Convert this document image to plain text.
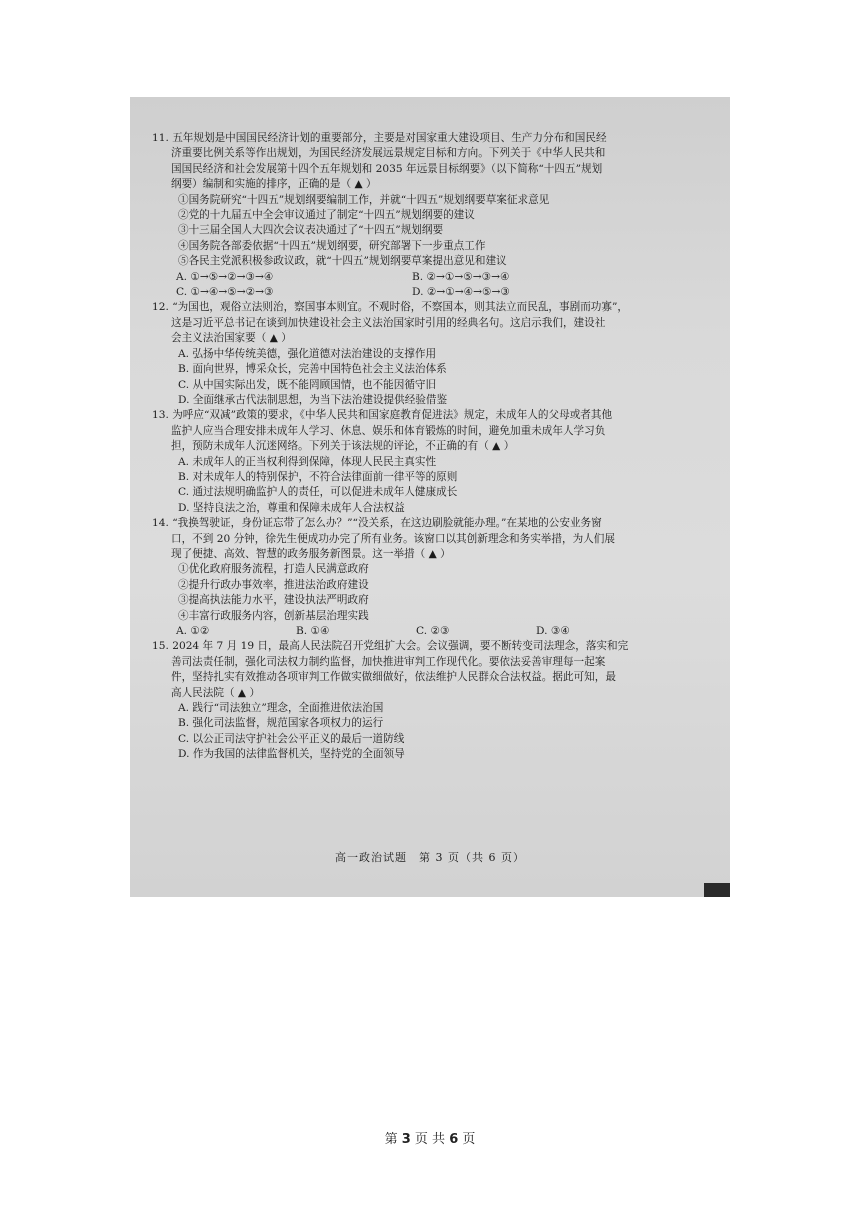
11. 五年规划是中国国民经济计划的重要部分，主要是对国家重大建设项目、生产力分布和国民经
济重要比例关系等作出规划，为国民经济发展远景规定目标和方向。下列关于《中华人民共和
国国民经济和社会发展第十四个五年规划和 2035 年远景目标纲要》（以下简称“十四五”规划
纲要）编制和实施的排序，正确的是（ ▲ ）
①国务院研究“十四五”规划纲要编制工作，并就“十四五”规划纲要草案征求意见
②党的十九届五中全会审议通过了制定“十四五”规划纲要的建议
③十三届全国人大四次会议表决通过了“十四五”规划纲要
④国务院各部委依据“十四五”规划纲要，研究部署下一步重点工作
⑤各民主党派积极参政议政，就“十四五”规划纲要草案提出意见和建议
A. ①→⑤→②→③→④	B. ②→①→⑤→③→④
C. ①→④→⑤→②→③	D. ②→①→④→⑤→③
12. “为国也，观俗立法则治，察国事本则宜。不观时俗，不察国本，则其法立而民乱，事剧而功寡”，
这是习近平总书记在谈到加快建设社会主义法治国家时引用的经典名句。这启示我们，建设社
会主义法治国家要（ ▲ ）
A. 弘扬中华传统美德，强化道德对法治建设的支撑作用
B. 面向世界，博采众长，完善中国特色社会主义法治体系
C. 从中国实际出发，既不能罔顾国情，也不能因循守旧
D. 全面继承古代法制思想，为当下法治建设提供经验借鉴
13. 为呼应“双减”政策的要求，《中华人民共和国家庭教育促进法》规定，未成年人的父母或者其他
监护人应当合理安排未成年人学习、休息、娱乐和体育锻炼的时间，避免加重未成年人学习负
担，预防未成年人沉迷网络。下列关于该法规的评论，不正确的有（ ▲ ）
A. 未成年人的正当权利得到保障，体现人民民主真实性
B. 对未成年人的特别保护，不符合法律面前一律平等的原则
C. 通过法规明确监护人的责任，可以促进未成年人健康成长
D. 坚持良法之治，尊重和保障未成年人合法权益
14. “我换驾驶证，身份证忘带了怎么办？”“没关系，在这边刷脸就能办理。”在某地的公安业务窗
口，不到 20 分钟，徐先生便成功办完了所有业务。该窗口以其创新理念和务实举措，为人们展
现了便捷、高效、智慧的政务服务新图景。这一举措（ ▲ ）
①优化政府服务流程，打造人民满意政府
②提升行政办事效率，推进法治政府建设
③提高执法能力水平，建设执法严明政府
④丰富行政服务内容，创新基层治理实践
A. ①②	B. ①④	C. ②③	D. ③④
15. 2024 年 7 月 19 日，最高人民法院召开党组扩大会。会议强调，要不断转变司法理念，落实和完
善司法责任制，强化司法权力制约监督，加快推进审判工作现代化。要依法妥善审理每一起案
件，坚持扎实有效推动各项审判工作做实做细做好，依法维护人民群众合法权益。据此可知，最
高人民法院（ ▲ ）
A. 践行“司法独立”理念，全面推进依法治国
B. 强化司法监督，规范国家各项权力的运行
C. 以公正司法守护社会公平正义的最后一道防线
D. 作为我国的法律监督机关，坚持党的全面领导
高一政治试题　第 3 页（共 6 页）
第 3 页 共 6 页
